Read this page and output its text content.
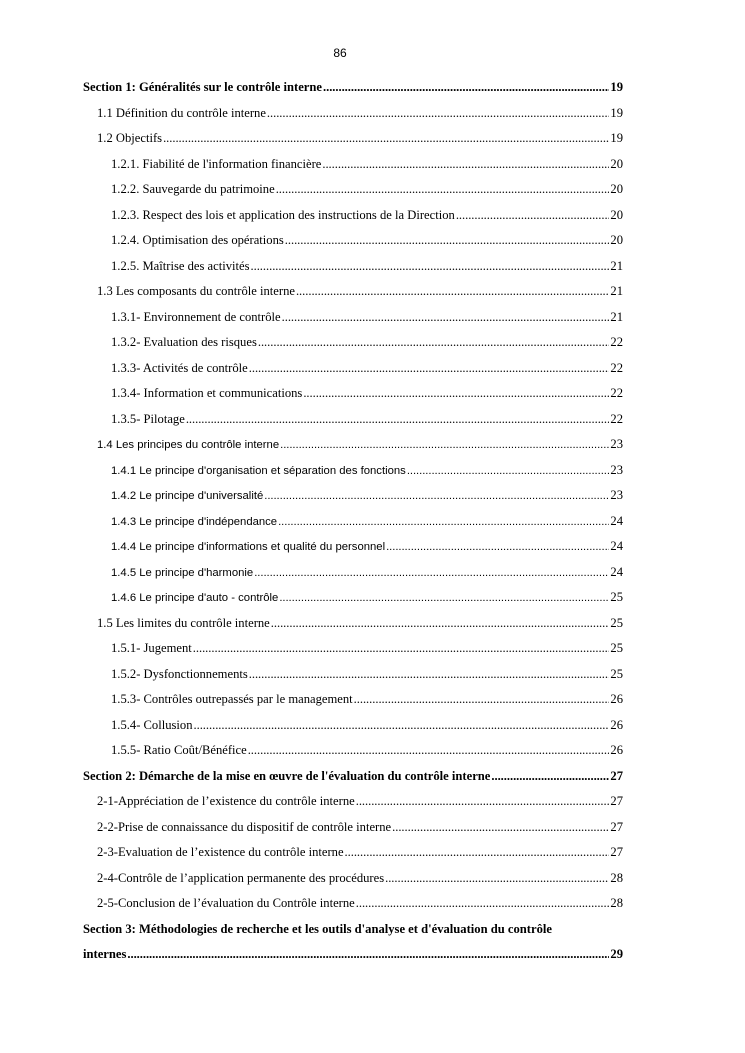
86
Section 1: Généralités sur le contrôle interne . . .	19
1.1 Définition du contrôle interne . . .	19
1.2 Objectifs . . .	19
1.2.1. Fiabilité de l'information financière . . .	20
1.2.2. Sauvegarde du patrimoine . . .	20
1.2.3. Respect des lois et application des instructions de la Direction . . .	20
1.2.4. Optimisation des opérations . . .	20
1.2.5. Maîtrise des activités . . .	21
1.3 Les composants du contrôle interne . . .	21
1.3.1- Environnement de contrôle . . .	21
1.3.2- Evaluation des risques . . .	22
1.3.3- Activités de contrôle . . .	22
1.3.4- Information et communications . . .	22
1.3.5- Pilotage . . .	22
1.4 Les principes du contrôle interne . . .	23
1.4.1 Le principe d'organisation et séparation des fonctions . . .	23
1.4.2 Le principe d'universalité . . .	23
1.4.3 Le principe d'indépendance . . .	24
1.4.4 Le principe d'informations et qualité du personnel . . .	24
1.4.5 Le principe d'harmonie . . .	24
1.4.6 Le principe d'auto - contrôle . . .	25
1.5 Les limites du contrôle interne . . .	25
1.5.1- Jugement . . .	25
1.5.2- Dysfonctionnements . . .	25
1.5.3- Contrôles outrepassés par le management . . .	26
1.5.4- Collusion . . .	26
1.5.5- Ratio Coût/Bénéfice . . .	26
Section 2: Démarche de la mise en œuvre de l'évaluation du contrôle interne . . .	27
2-1-Appréciation de l’existence du contrôle interne . . .	27
2-2-Prise de connaissance du dispositif de contrôle interne . . .	27
2-3-Evaluation de l’existence du contrôle interne . . .	27
2-4-Contrôle de l’application permanente des procédures . . .	28
2-5-Conclusion de l’évaluation du Contrôle interne . . .	28
Section 3: Méthodologies de recherche et les outils d'analyse et d'évaluation du contrôle
internes . . .	29
